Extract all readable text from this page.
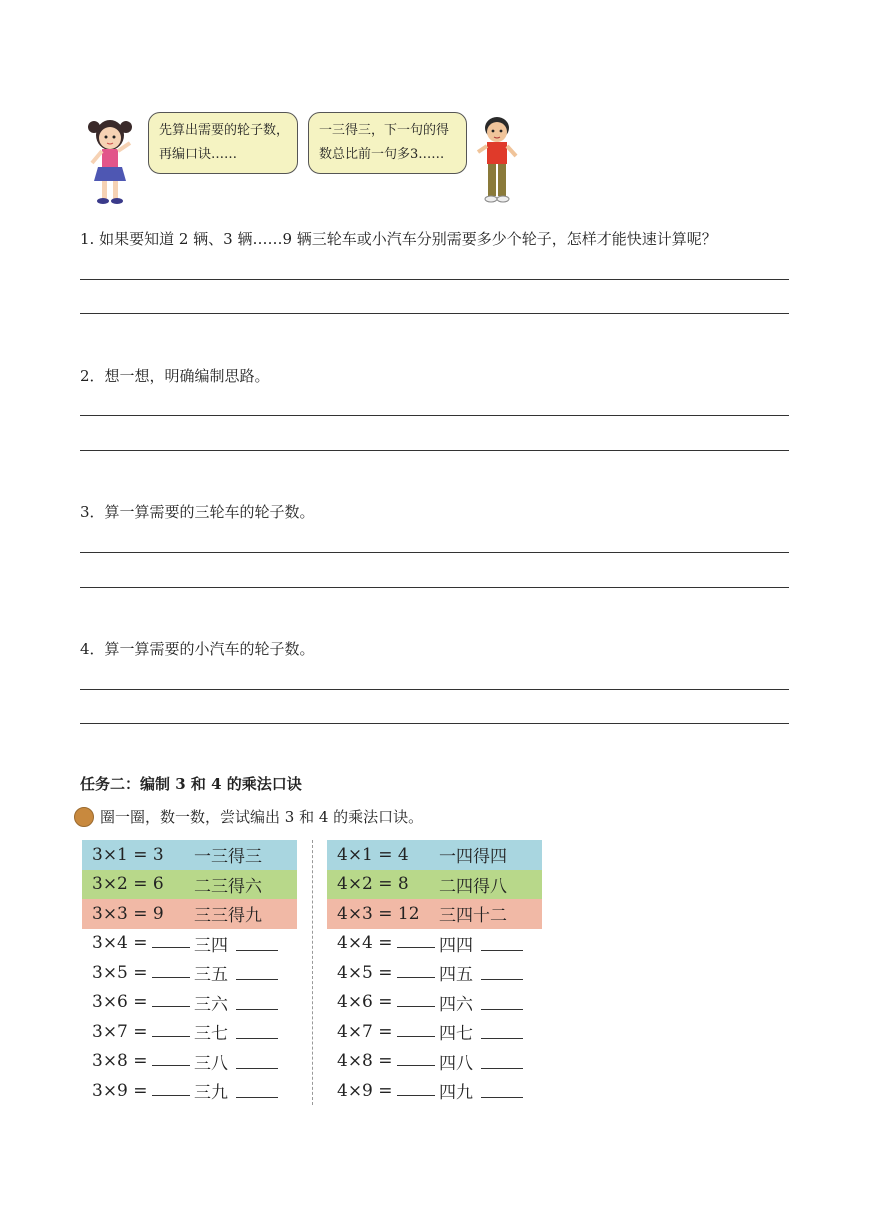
先算出需要的轮子数，
再编口诀……
一三得三，下一句的得
数总比前一句多3……
1. 如果要知道 2 辆、3 辆……9 辆三轮车或小汽车分别需要多少个轮子，怎样才能快速计算呢？
2．想一想，明确编制思路。
3．算一算需要的三轮车的轮子数。
4．算一算需要的小汽车的轮子数。
任务二：编制 3 和 4 的乘法口诀
圈一圈，数一数，尝试编出 3 和 4 的乘法口诀。
3×1 = 3	一三得三
3×2 = 6	二三得六
3×3 = 9	三三得九
3×4 =	三四
3×5 =	三五
3×6 =	三六
3×7 =	三七
3×8 =	三八
3×9 =	三九
4×1 = 4	一四得四
4×2 = 8	二四得八
4×3 = 12	三四十二
4×4 =	四四
4×5 =	四五
4×6 =	四六
4×7 =	四七
4×8 =	四八
4×9 =	四九
